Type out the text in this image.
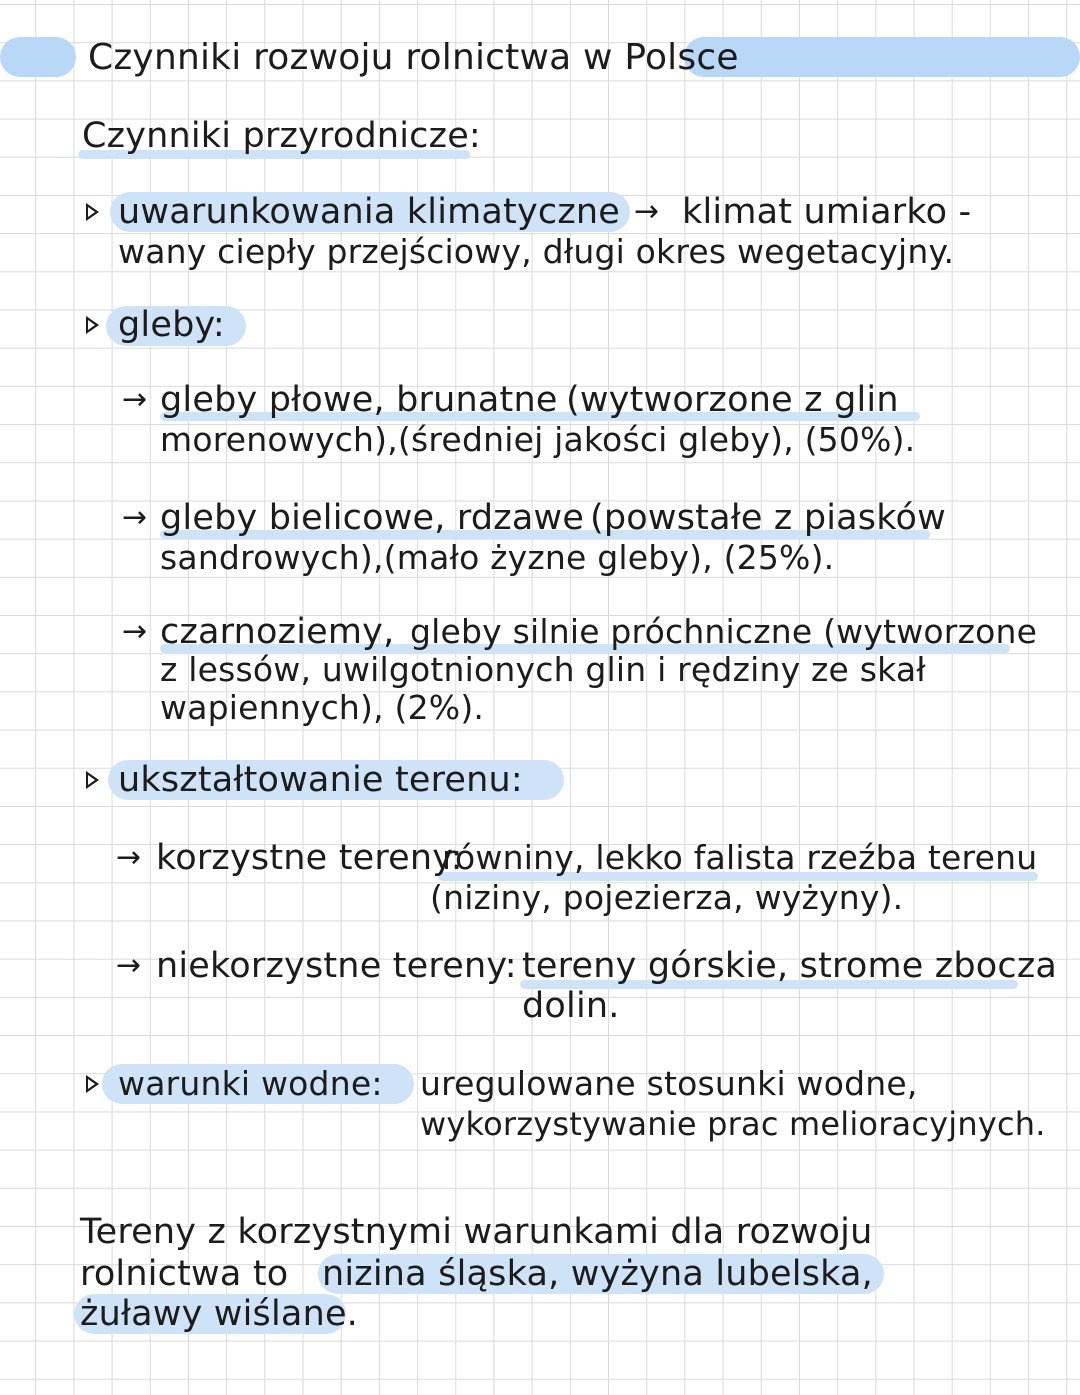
Czynniki rozwoju rolnictwa w Polsce
Czynniki przyrodnicze:
uwarunkowania klimatyczne → klimat umiarko -
wany ciepły przejściowy, długi okres wegetacyjny.
gleby:
→ gleby płowe, brunatne (wytworzone z glin
morenowych),(średniej jakości gleby), (50%).
→ gleby bielicowe, rdzawe (powstałe z piasków
sandrowych),(mało żyzne gleby), (25%).
→ czarnoziemy, gleby silnie próchniczne (wytworzone
z lessów, uwilgotnionych glin i rędziny ze skał
wapiennych), (2%).
ukształtowanie terenu:
→ korzystne tereny:
równiny, lekko falista rzeźba terenu
(niziny, pojezierza, wyżyny).
→ niekorzystne tereny: tereny górskie, strome zbocza
dolin.
warunki wodne: uregulowane stosunki wodne,
wykorzystywanie prac melioracyjnych.
Tereny z korzystnymi warunkami dla rozwoju
rolnictwa to nizina śląska, wyżyna lubelska,
żuławy wiślane.
